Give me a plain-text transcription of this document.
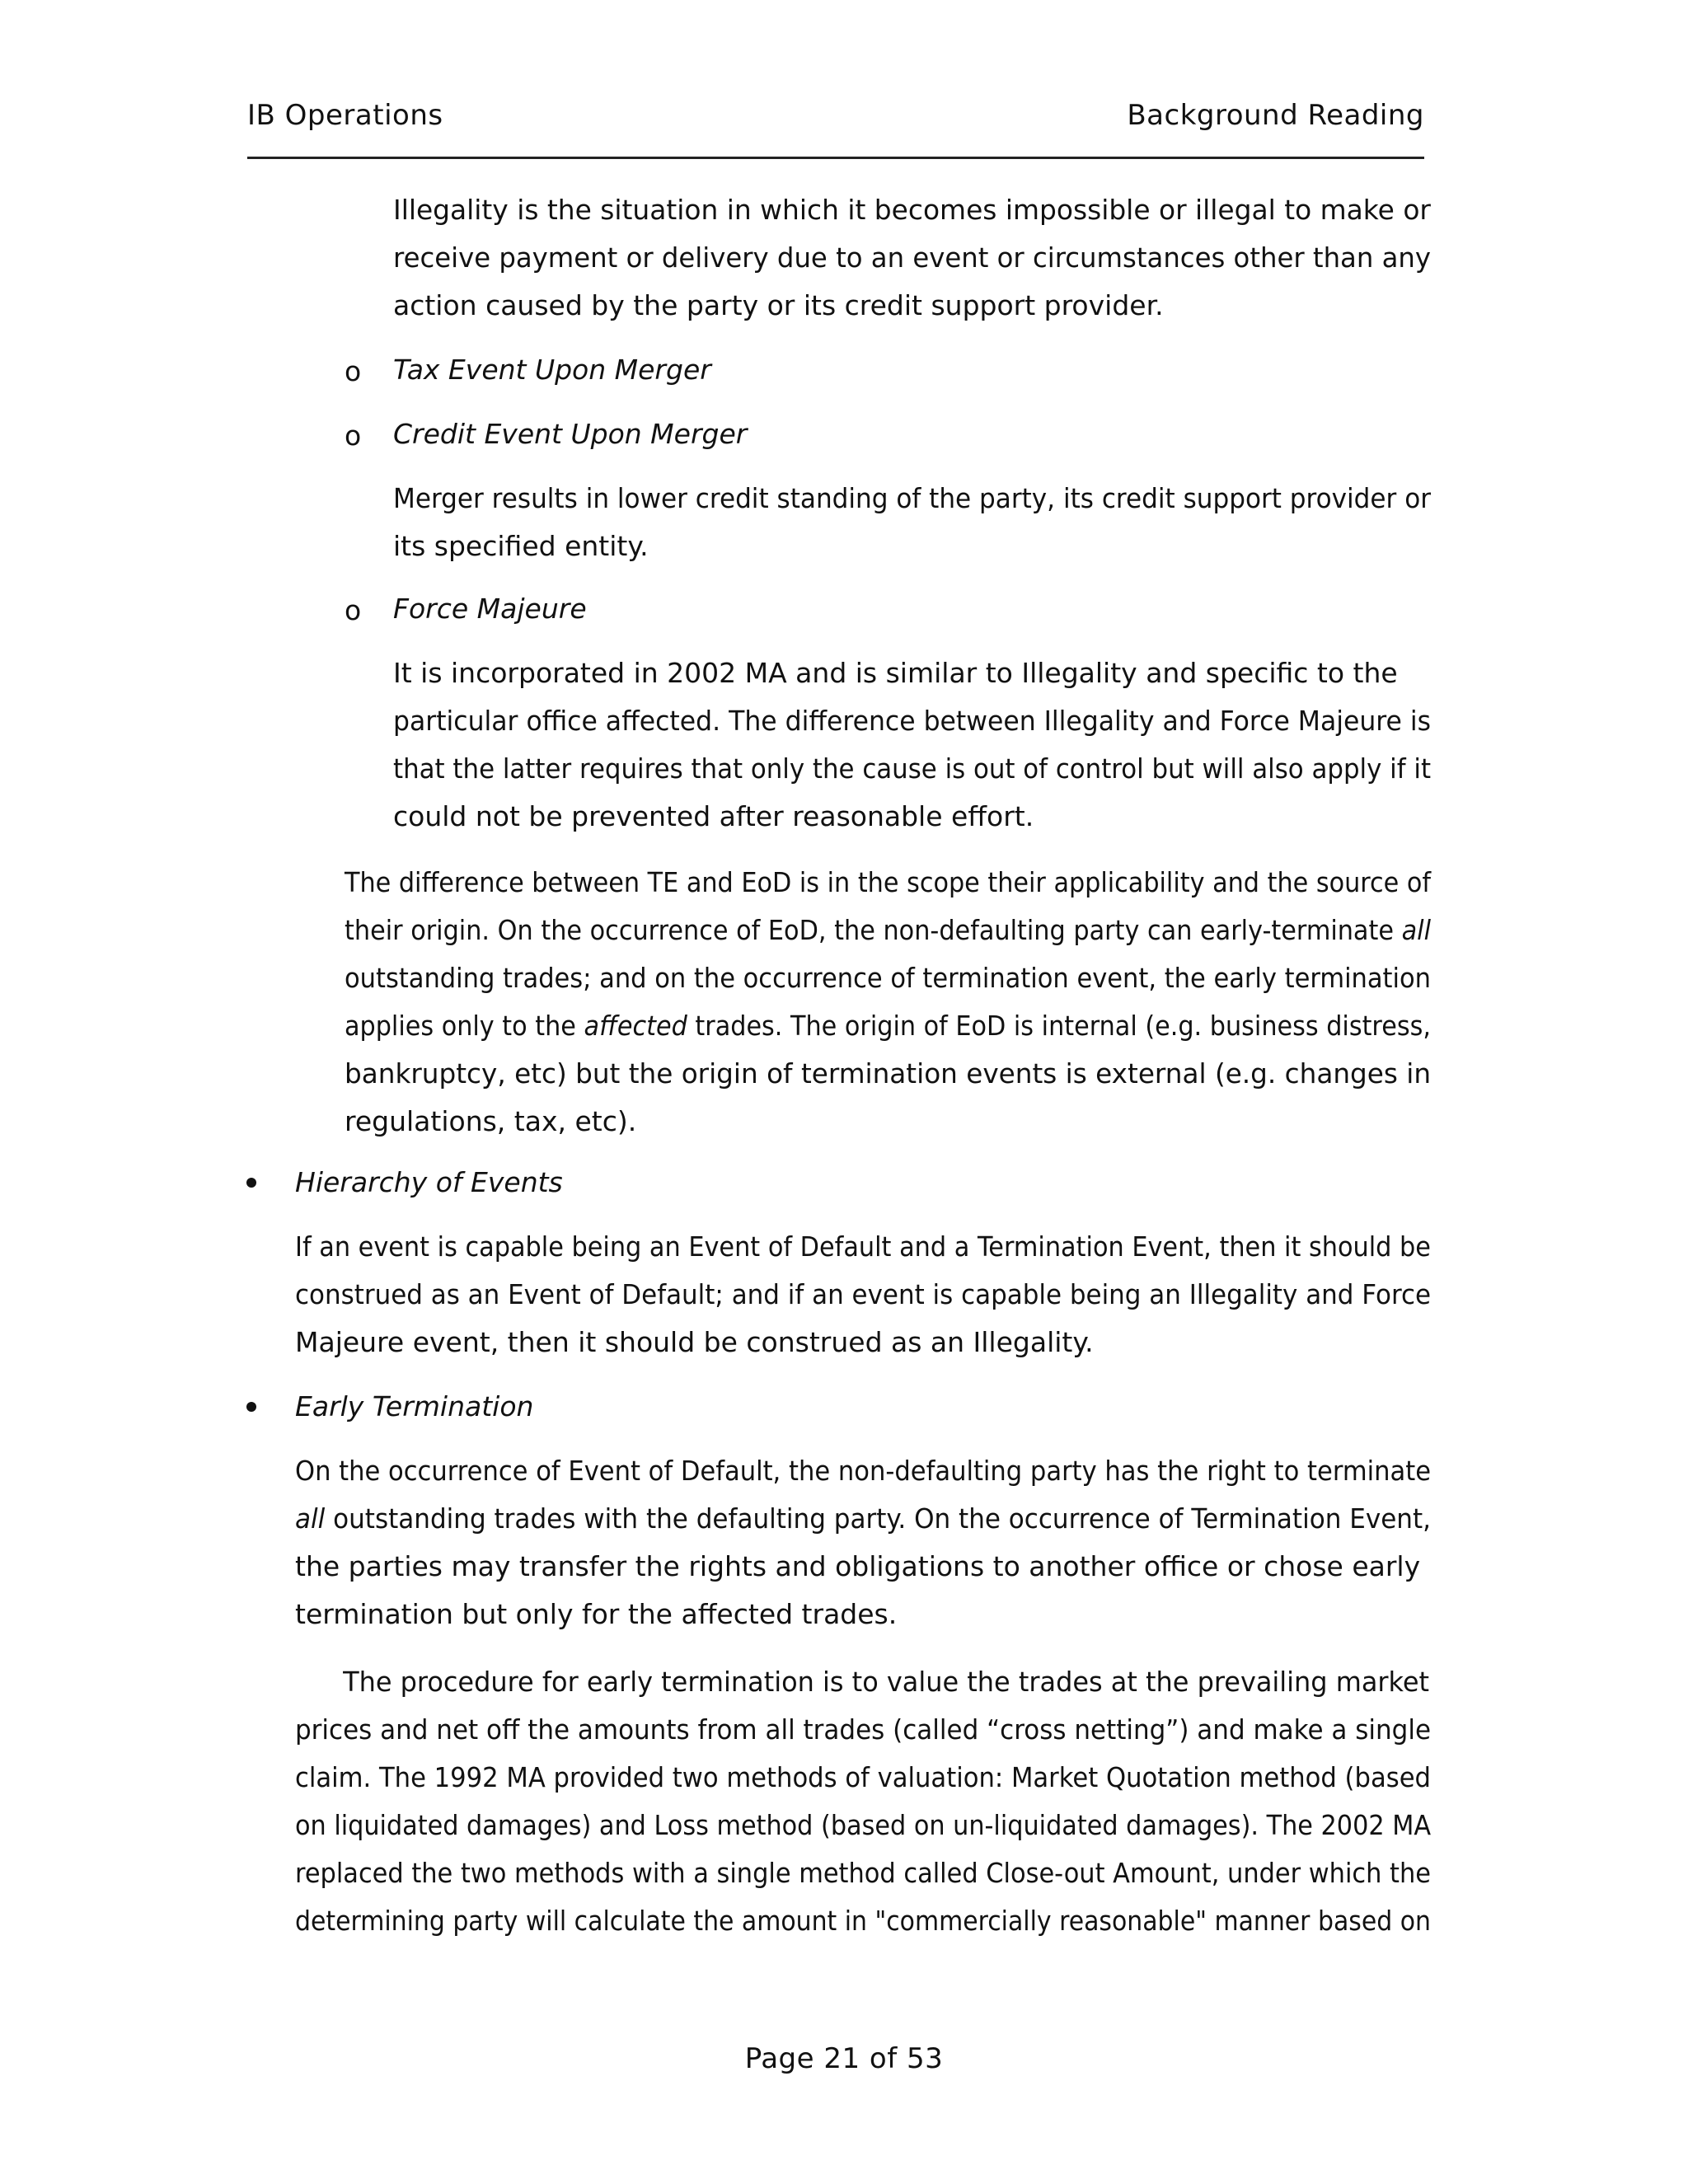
IB Operations	Background Reading
Illegality is the situation in which it becomes impossible or illegal to make or
receive payment or delivery due to an event or circumstances other than any
action caused by the party or its credit support provider.
o Tax Event Upon Merger
o Credit Event Upon Merger
Merger results in lower credit standing of the party, its credit support provider or
its specified entity.
o Force Majeure
It is incorporated in 2002 MA and is similar to Illegality and specific to the
particular office affected. The difference between Illegality and Force Majeure is
that the latter requires that only the cause is out of control but will also apply if it
could not be prevented after reasonable effort.
The difference between TE and EoD is in the scope their applicability and the source of
their origin. On the occurrence of EoD, the non-defaulting party can early-terminate all
outstanding trades; and on the occurrence of termination event, the early termination
applies only to the affected trades. The origin of EoD is internal (e.g. business distress,
bankruptcy, etc) but the origin of termination events is external (e.g. changes in
regulations, tax, etc).
Hierarchy of Events
If an event is capable being an Event of Default and a Termination Event, then it should be
construed as an Event of Default; and if an event is capable being an Illegality and Force
Majeure event, then it should be construed as an Illegality.
Early Termination
On the occurrence of Event of Default, the non-defaulting party has the right to terminate
all outstanding trades with the defaulting party. On the occurrence of Termination Event,
the parties may transfer the rights and obligations to another office or chose early
termination but only for the affected trades.
The procedure for early termination is to value the trades at the prevailing market
prices and net off the amounts from all trades (called “cross netting”) and make a single
claim. The 1992 MA provided two methods of valuation: Market Quotation method (based
on liquidated damages) and Loss method (based on un-liquidated damages). The 2002 MA
replaced the two methods with a single method called Close-out Amount, under which the
determining party will calculate the amount in "commercially reasonable" manner based on
Page 21 of 53
